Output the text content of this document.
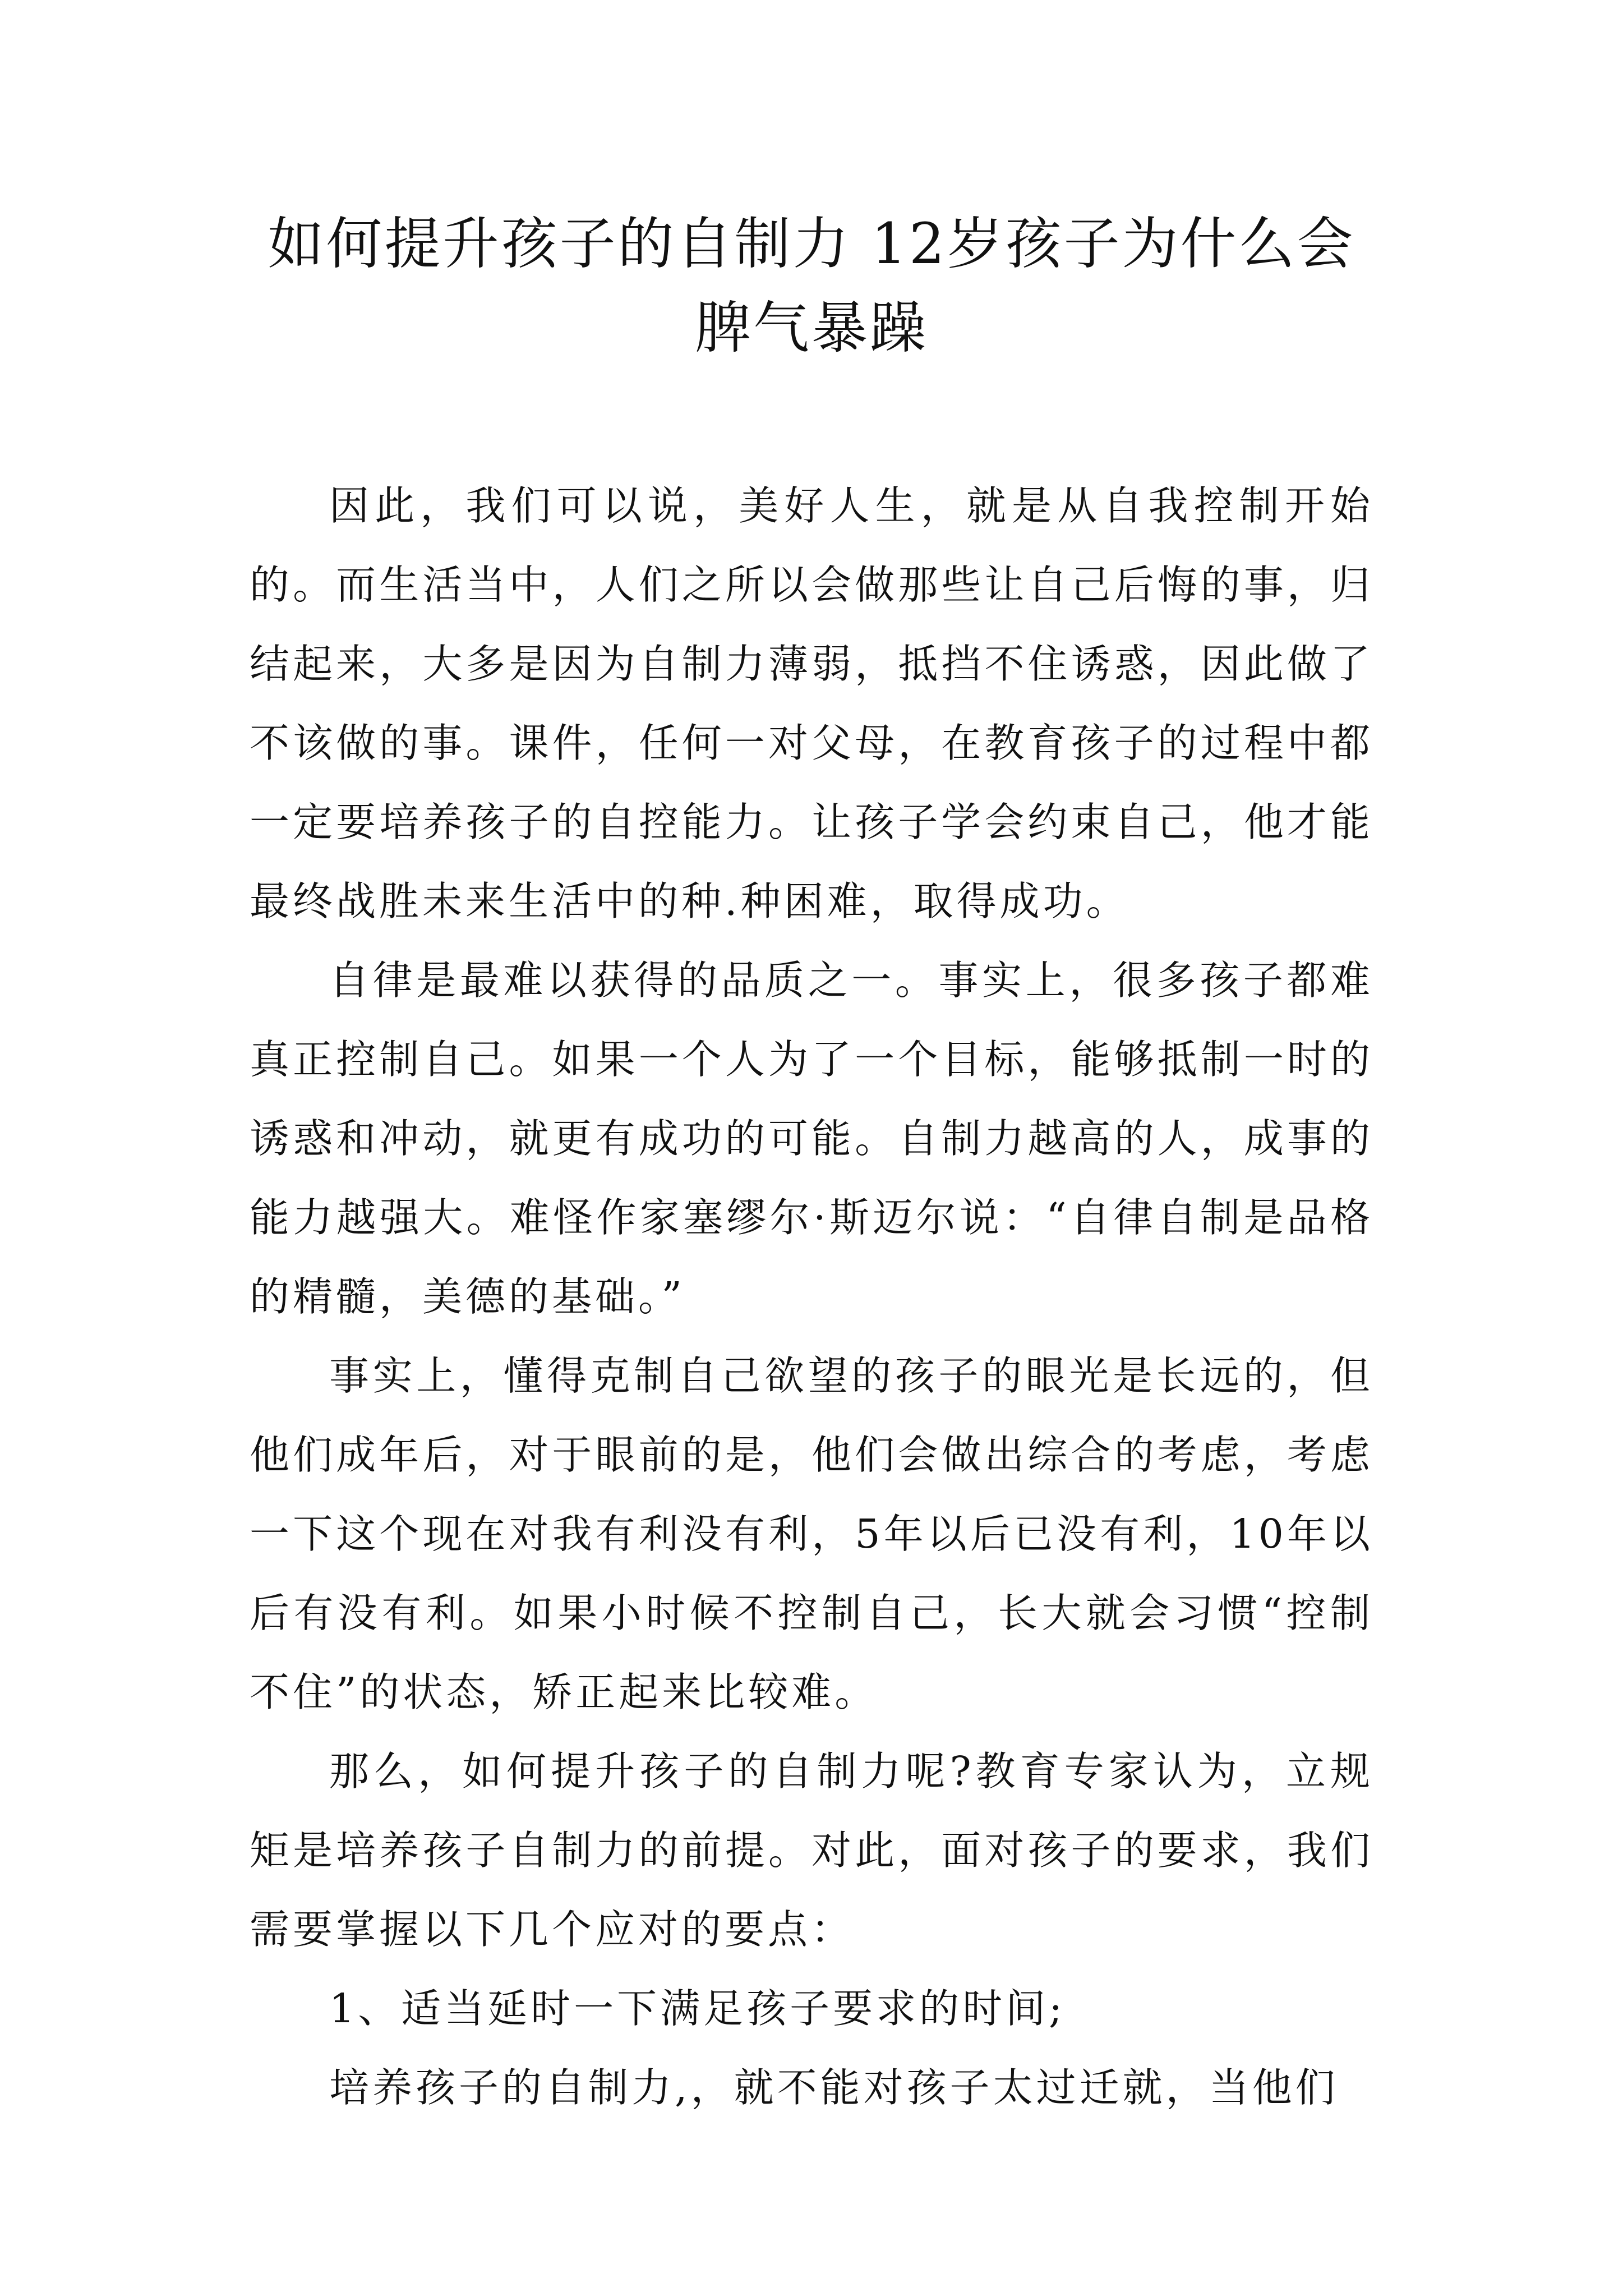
如何提升孩子的自制力 12岁孩子为什么会
脾气暴躁

因此，我们可以说，美好人生，就是从自我控制开始的。而生活当中，人们之所以会做那些让自己后悔的事，归结起来，大多是因为自制力薄弱，抵挡不住诱惑，因此做了不该做的事。课件，任何一对父母，在教育孩子的过程中都一定要培养孩子的自控能力。让孩子学会约束自己，他才能最终战胜未来生活中的种.种困难，取得成功。

自律是最难以获得的品质之一。事实上，很多孩子都难真正控制自己。如果一个人为了一个目标，能够抵制一时的诱惑和冲动，就更有成功的可能。自制力越高的人，成事的能力越强大。难怪作家塞缪尔·斯迈尔说：“自律自制是品格的精髓，美德的基础。”

事实上，懂得克制自己欲望的孩子的眼光是长远的，但他们成年后，对于眼前的是，他们会做出综合的考虑，考虑一下这个现在对我有利没有利，5年以后已没有利，10年以后有没有利。如果小时候不控制自己，长大就会习惯“控制不住”的状态，矫正起来比较难。

那么，如何提升孩子的自制力呢?教育专家认为，立规矩是培养孩子自制力的前提。对此，面对孩子的要求，我们需要掌握以下几个应对的要点：

1、适当延时一下满足孩子要求的时间;

培养孩子的自制力,，就不能对孩子太过迁就，当他们
